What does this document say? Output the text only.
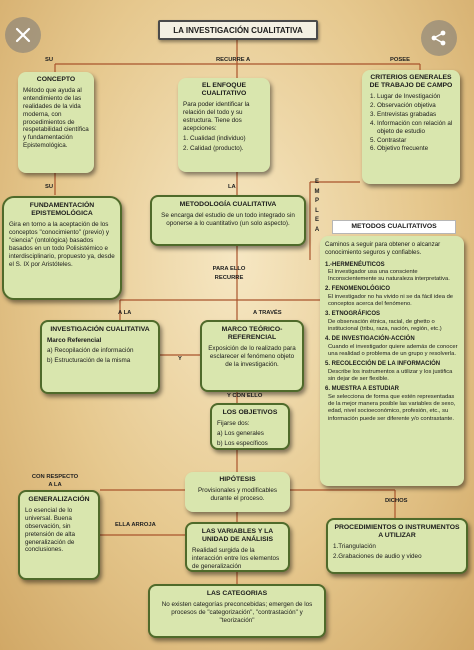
LA INVESTIGACIÓN CUALITATIVA
SU	RECURRE A	POSEE
SU	LA
E
M
P
L
E
A
PARA ELLO RECURRE
A LA	A TRAVÉS
Y
Y CON ELLO
CON RESPECTO A LA
ELLA ARROJA
DICHOS
CONCEPTO

Método que ayuda al entendimiento de las realidades de la vida moderna, con procedimientos de respetabilidad científica y fundamentación Epistemológica.

EL ENFOQUE CUALITATIVO

Para poder identificar la relación del todo y su estructura. Tiene dos acepciones:

1. Cualidad (individuo)

2. Calidad (producto).

CRITERIOS GENERALES DE TRABAJO DE CAMPO
1. Lugar de Investigación
2. Observación objetiva
3. Entrevistas grabadas
4. Información con relación al objeto de estudio
5. Contrastar
6. Objetivo frecuente
FUNDAMENTACIÓN EPISTEMOLÓGICA

Gira en torno a la aceptación de los conceptos "conocimiento" (previo) y "ciencia" (ontológica) basados basados en un todo Polisistémico e interdisciplinario, propuesto ya, desde el S. IX por Aristóteles.

METODOLOGÍA CUALITATIVA

Se encarga del estudio de un todo integrado sin oponerse a lo cuantitativo (un solo aspecto).	METODOS CUALITATIVOS

Caminos a seguir para obtener o alcanzar conocimiento seguros y confiables.

1.-HERMENÉUTICOS
El investigador usa una consciente Inconscientemente su naturaleza interpretativa.
2. FENOMENOLÓGICO
El investigador no ha vivido ni se da fácil idea de conceptos acerca del fenómeno.
3. ETNOGRÁFICOS
De observación étnica, racial, de ghetto o institucional (tribu, raza, nación, región, etc.)
4. DE INVESTIGACIÓN-ACCIÓN
Cuando el investigador quiere además de conocer una realidad o problema de un grupo y resolverla.
5. RECOLECCIÓN DE LA INFORMACIÓN
Describe los instrumentos a utilizar y los justifica sin dejar de ser flexible.
6. MUESTRA A ESTUDIAR
Se selecciona de forma que estén representadas de la mejor manera posible las variables de sexo, edad, nivel socioeconómico, profesión, etc., su información puede ser diferente y/o contrastante.
INVESTIGACIÓN CUALITATIVA

Marco Referencial

a) Recopilación de información

b) Estructuración de la misma

MARCO TEÓRICO-REFERENCIAL

Exposición de lo realizado para esclarecer el fenómeno objeto de la investigación.

LOS OBJETIVOS

Fijarse dos:

a) Los generales

b) Los específicos

HIPÓTESIS

Provisionales y modificables durante el proceso.

GENERALIZACIÓN

Lo esencial de lo universal. Buena observación, sin pretensión de alta generalización de conclusiones.

LAS VARIABLES Y LA UNIDAD DE ANÁLISIS

Realidad surgida de la interacción entre los elementos de generalización

PROCEDIMIENTOS O INSTRUMENTOS A UTILIZAR

1.Triangulación

2.Grabaciones de audio y video

LAS CATEGORIAS

No existen categorías preconcebidas; emergen de los procesos de "categorización", "contrastación" y "teorización"
